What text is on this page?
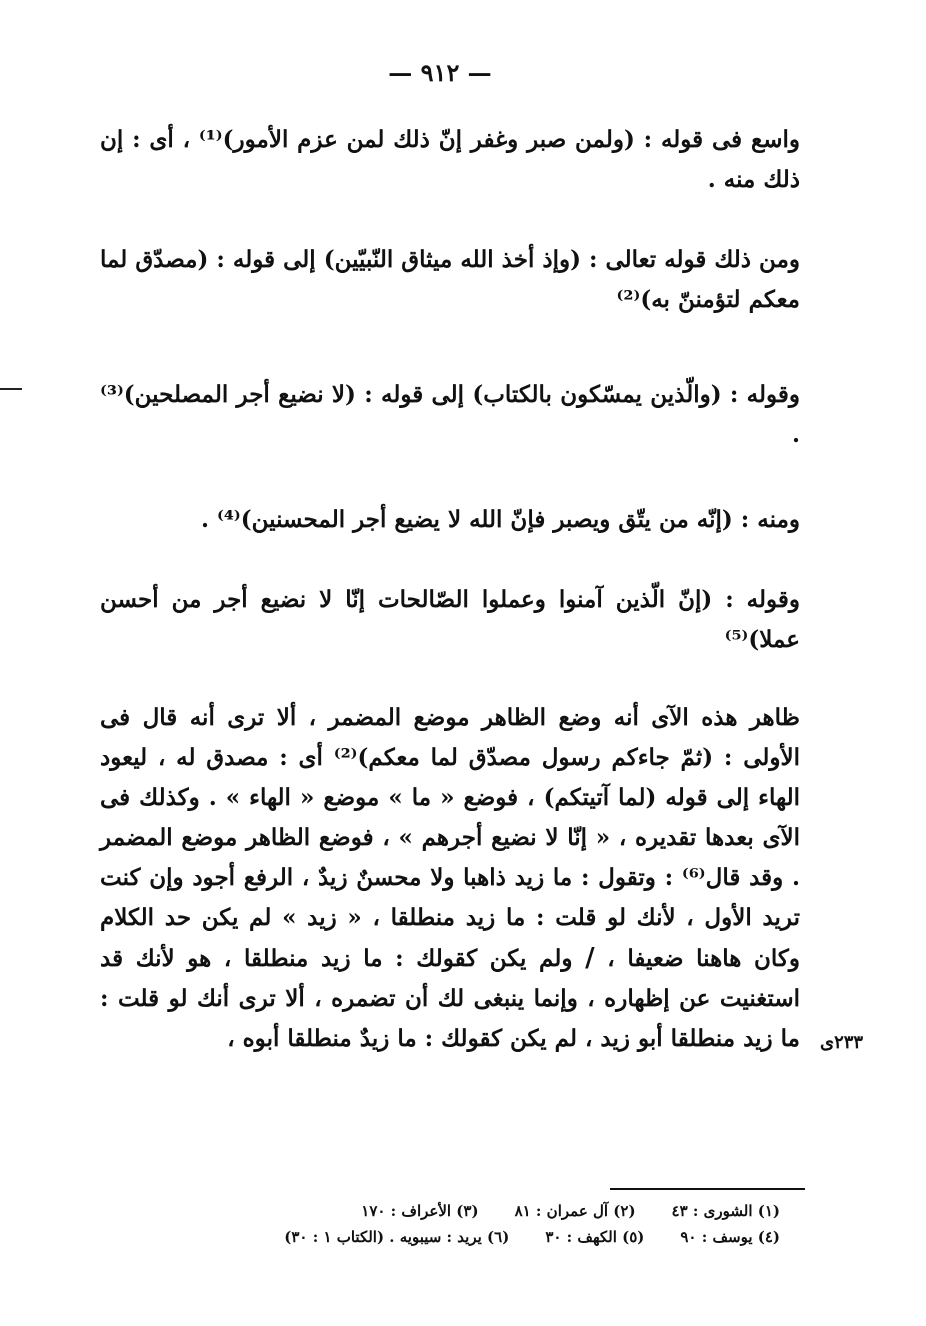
— ٩١٢ —
واسع فى قوله : (ولمن صبر وغفر إنّ ذلك لمن عزم الأمور)⁽¹⁾ ، أى : إن ذلك منه .
ومن ذلك قوله تعالى : (وإذ أخذ الله ميثاق النّبيّين) إلى قوله : (مصدّق لما معكم لتؤمننّ به)⁽²⁾
وقوله : (والّذين يمسّكون بالكتاب) إلى قوله : (لا نضيع أجر المصلحين)⁽³⁾ .
ومنه : (إنّه من يتّق ويصبر فإنّ الله لا يضيع أجر المحسنين)⁽⁴⁾ .
وقوله : (إنّ الّذين آمنوا وعملوا الصّالحات إنّا لا نضيع أجر من أحسن عملا)⁽⁵⁾
ظاهر هذه الآى أنه وضع الظاهر موضع المضمر ، ألا ترى أنه قال فى الأولى : (ثمّ جاءكم رسول مصدّق لما معكم)⁽²⁾ أى : مصدق له ، ليعود الهاء إلى قوله (لما آتيتكم) ، فوضع « ما » موضع « الهاء » . وكذلك فى الآى بعدها تقديره ، « إنّا لا نضيع أجرهم » ، فوضع الظاهر موضع المضمر . وقد قال⁽⁶⁾ : وتقول : ما زيد ذاهبا ولا محسنٌ زيدٌ ، الرفع أجود وإن كنت تريد الأول ، لأنك لو قلت : ما زيد منطلقا ، « زيد » لم يكن حد الكلام وكان هاهنا ضعيفا ، / ولم يكن كقولك : ما زيد منطلقا ، هو لأنك قد استغنيت عن إظهاره ، وإنما ينبغى لك أن تضمره ، ألا ترى أنك لو قلت : ما زيد منطلقا أبو زيد ، لم يكن كقولك : ما زيدٌ منطلقا أبوه ، ٢٣٣ى
(١) الشورى : ٤٣
(٢) آل عمران : ٨١
(٣) الأعراف : ١٧٠
(٤) يوسف : ٩٠
(٥) الكهف : ٣٠
(٦) يريد : سيبويه . (الكتاب ١ : ٣٠)
